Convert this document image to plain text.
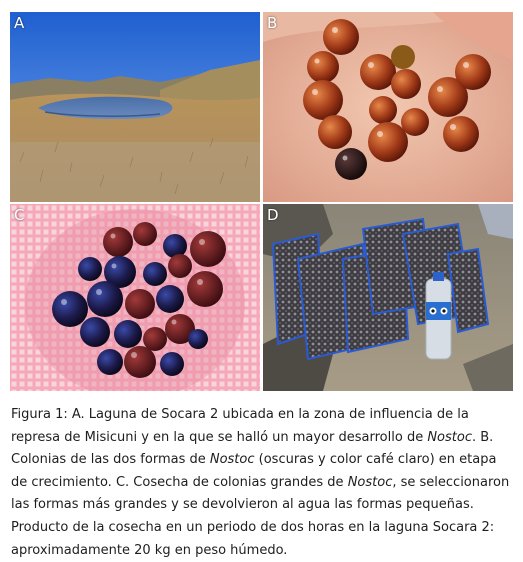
A	B
C	D

Figura 1: A. Laguna de Socara 2 ubicada en la zona de influencia de la represa de Misicuni y en la que se halló un mayor desarrollo de Nostoc. B. Colonias de las dos formas de Nostoc (oscuras y color café claro) en etapa de crecimiento. C. Cosecha de colonias grandes de Nostoc, se seleccionaron las formas más grandes y se devolvieron al agua las formas pequeñas. Producto de la cosecha en un periodo de dos horas en la laguna Socara 2: aproximadamente 20 kg en peso húmedo.
